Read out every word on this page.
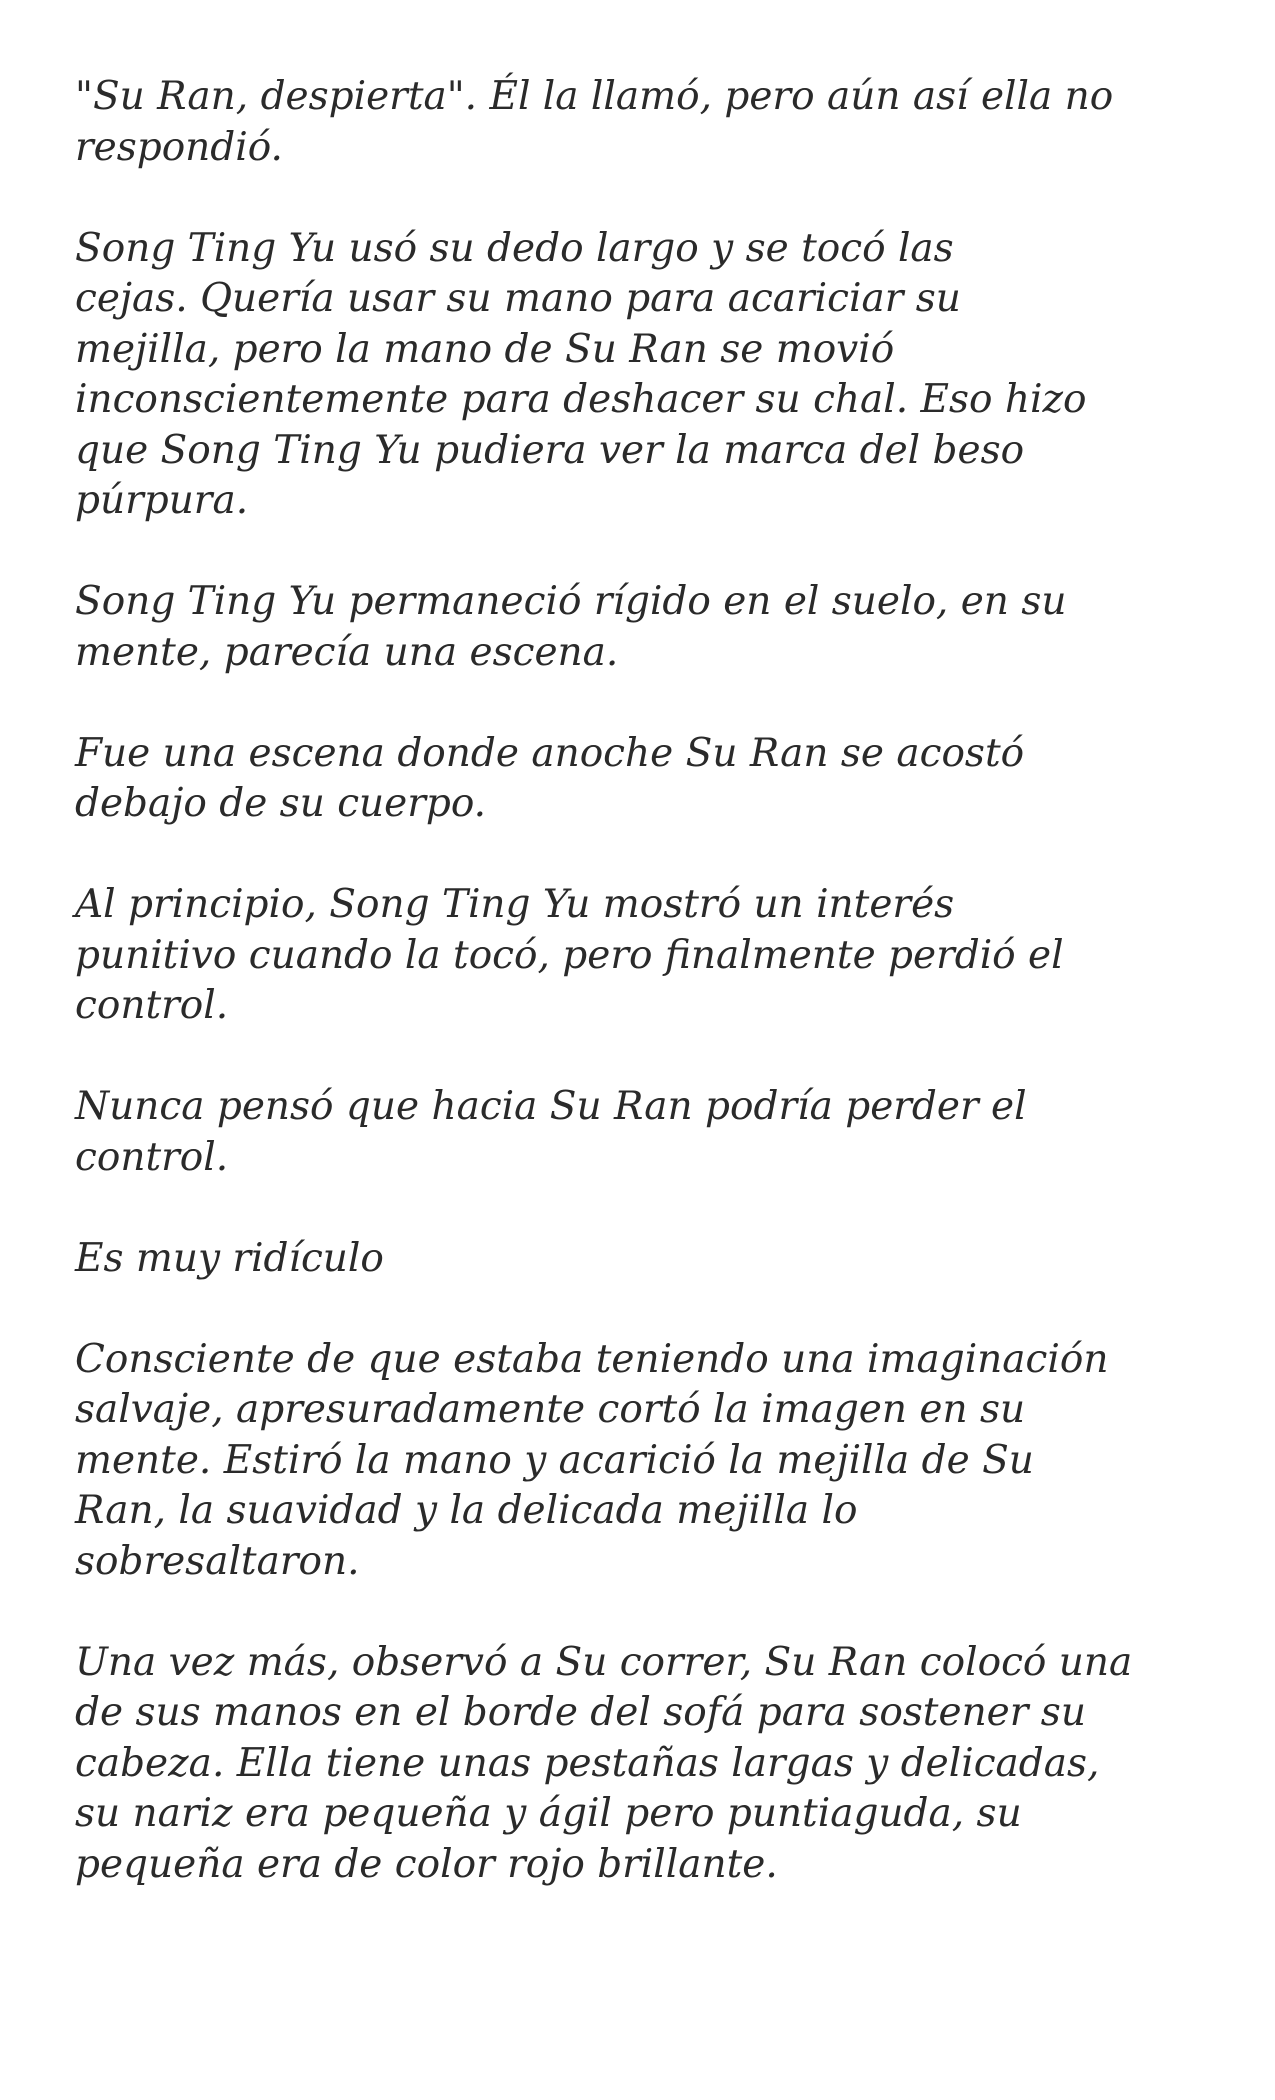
"Su Ran, despierta". Él la llamó, pero aún así ella no
respondió.

Song Ting Yu usó su dedo largo y se tocó las
cejas. Quería usar su mano para acariciar su
mejilla, pero la mano de Su Ran se movió
inconscientemente para deshacer su chal. Eso hizo
que Song Ting Yu pudiera ver la marca del beso
púrpura.

Song Ting Yu permaneció rígido en el suelo, en su
mente, parecía una escena.

Fue una escena donde anoche Su Ran se acostó
debajo de su cuerpo.

Al principio, Song Ting Yu mostró un interés
punitivo cuando la tocó, pero finalmente perdió el
control.

Nunca pensó que hacia Su Ran podría perder el
control.

Es muy ridículo

Consciente de que estaba teniendo una imaginación
salvaje, apresuradamente cortó la imagen en su
mente. Estiró la mano y acarició la mejilla de Su
Ran, la suavidad y la delicada mejilla lo
sobresaltaron.

Una vez más, observó a Su correr, Su Ran colocó una
de sus manos en el borde del sofá para sostener su
cabeza. Ella tiene unas pestañas largas y delicadas,
su nariz era pequeña y ágil pero puntiaguda, su
pequeña era de color rojo brillante.
